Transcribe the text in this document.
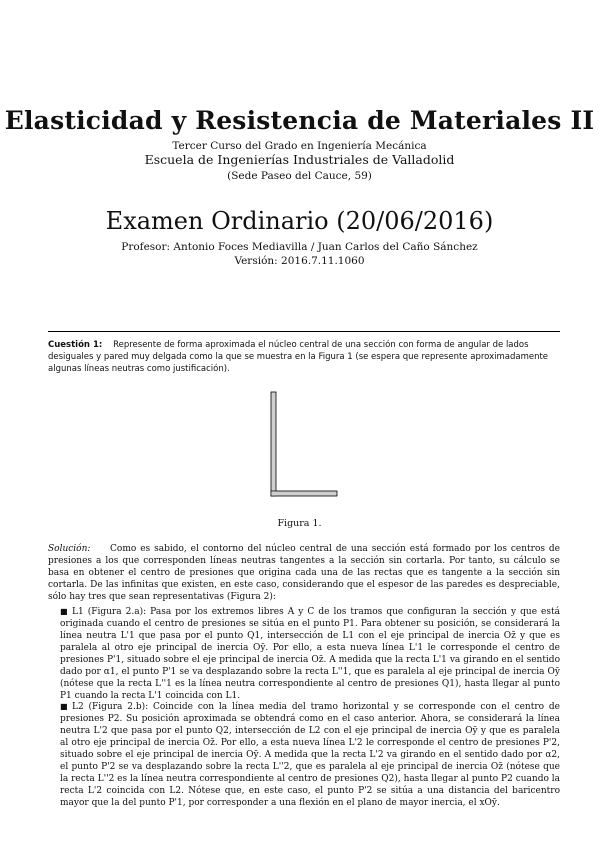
Elasticidad y Resistencia de Materiales II
Tercer Curso del Grado en Ingeniería Mecánica
Escuela de Ingenierías Industriales de Valladolid
(Sede Paseo del Cauce, 59)
Examen Ordinario (20/06/2016)
Profesor: Antonio Foces Mediavilla / Juan Carlos del Caño Sánchez
Versión: 2016.7.11.1060
Cuestión 1: Represente de forma aproximada el núcleo central de una sección con forma de angular de lados desiguales y pared muy delgada como la que se muestra en la Figura 1 (se espera que represente aproximadamente algunas líneas neutras como justificación).
Figura 1.
Solución: Como es sabido, el contorno del núcleo central de una sección está formado por los centros de presiones a los que corresponden líneas neutras tangentes a la sección sin cortarla. Por tanto, su cálculo se basa en obtener el centro de presiones que origina cada una de las rectas que es tangente a la sección sin cortarla. De las infinitas que existen, en este caso, considerando que el espesor de las paredes es despreciable, sólo hay tres que sean representativas (Figura 2):
■ L1 (Figura 2.a): Pasa por los extremos libres A y C de los tramos que configuran la sección y que está originada cuando el centro de presiones se sitúa en el punto P1. Para obtener su posición, se considerará la línea neutra L'1 que pasa por el punto Q1, intersección de L1 con el eje principal de inercia Oz̄ y que es paralela al otro eje principal de inercia Oȳ. Por ello, a esta nueva línea L'1 le corresponde el centro de presiones P'1, situado sobre el eje principal de inercia Oz̄. A medida que la recta L'1 va girando en el sentido dado por α1, el punto P'1 se va desplazando sobre la recta L''1, que es paralela al eje principal de inercia Oȳ (nótese que la recta L''1 es la línea neutra correspondiente al centro de presiones Q1), hasta llegar al punto P1 cuando la recta L'1 coincida con L1.
■ L2 (Figura 2.b): Coincide con la línea media del tramo horizontal y se corresponde con el centro de presiones P2. Su posición aproximada se obtendrá como en el caso anterior. Ahora, se considerará la línea neutra L'2 que pasa por el punto Q2, intersección de L2 con el eje principal de inercia Oȳ y que es paralela al otro eje principal de inercia Oz̄. Por ello, a esta nueva línea L'2 le corresponde el centro de presiones P'2, situado sobre el eje principal de inercia Oȳ. A medida que la recta L'2 va girando en el sentido dado por α2, el punto P'2 se va desplazando sobre la recta L''2, que es paralela al eje principal de inercia Oz̄ (nótese que la recta L''2 es la línea neutra correspondiente al centro de presiones Q2), hasta llegar al punto P2 cuando la recta L'2 coincida con L2. Nótese que, en este caso, el punto P'2 se sitúa a una distancia del baricentro mayor que la del punto P'1, por corresponder a una flexión en el plano de mayor inercia, el xOȳ.
